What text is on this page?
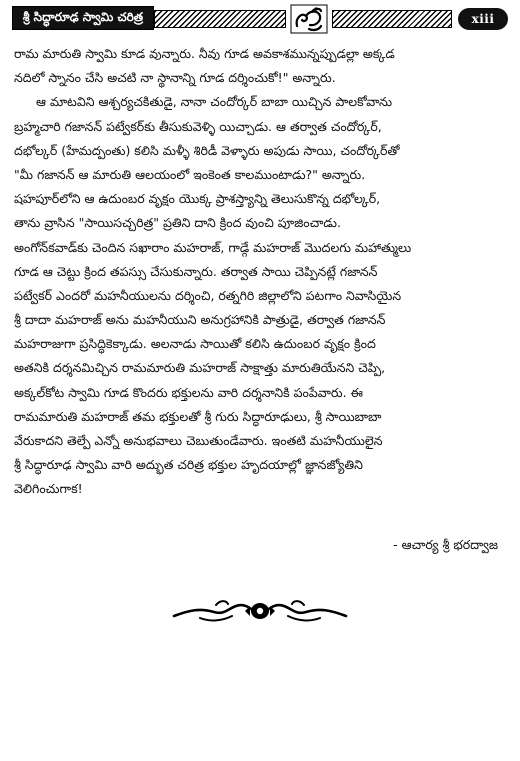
శ్రీ సిద్ధారూఢ స్వామి చరిత్ర	xiii
రామ మారుతి స్వామి కూడ వున్నారు. నీవు గూడ అవకాశమున్నప్పుడల్లా అక్కడ
నదిలో స్నానం చేసి అచటి నా స్థానాన్ని గూడ దర్శించుకో!" అన్నారు.
ఆ మాటవిని ఆశ్చర్యచకితుడై, నానా చందోర్కర్ బాబా యిచ్చిన పాలకోవాను
బ్రహ్మచారి గజానన్ పట్వేకర్‌కు తీసుకువెళ్ళి యిచ్చాడు. ఆ తర్వాత చందోర్కర్,
దభోల్కర్ (హేమద్పంతు) కలిసి మళ్ళీ శిరిడీ వెళ్ళారు అపుడు సాయి, చందోర్కర్‌తో
"మీ గజానన్ ఆ మారుతి ఆలయంలో ఇంకెంత కాలముంటాడు?" అన్నారు.
షహపూర్‌లోని ఆ ఉదుంబర వృక్షం యొక్క ప్రాశస్త్యాన్ని తెలుసుకొన్న దభోల్కర్,
తాను వ్రాసిన "సాయిసచ్చరిత్ర" ప్రతిని దాని క్రింద వుంచి పూజించాడు.
అంగోన్‌కవాడ్‌కు చెందిన సఖారాం మహరాజ్, గాడ్గే మహరాజ్ మొదలగు మహాత్ములు
గూడ ఆ చెట్టు క్రింద తపస్సు చేసుకున్నారు. తర్వాత సాయి చెప్పినట్లే గజానన్
పట్వేకర్ ఎందరో మహనీయులను దర్శించి, రత్నగిరి జిల్లాలోని పటగాం నివాసియైన
శ్రీ దాదా మహరాజ్ అను మహనీయుని అనుగ్రహానికి పాత్రుడై, తర్వాత గజానన్
మహరాజుగా ప్రసిద్ధికెక్కాడు. అలనాడు సాయితో కలిసి ఉదుంబర వృక్షం క్రింద
అతనికి దర్శనమిచ్చిన రామమారుతి మహరాజ్ సాక్షాత్తు మారుతియేనని చెప్పి,
అక్కల్‌కోట స్వామి గూడ కొందరు భక్తులను వారి దర్శనానికి పంపేవారు. ఈ
రామమారుతి మహరాజ్ తమ భక్తులతో శ్రీ గురు సిద్ధారూఢులు, శ్రీ సాయిబాబా
వేరుకాదని తెల్పే ఎన్నో అనుభవాలు చెబుతుండేవారు. ఇంతటి మహనీయులైన
శ్రీ సిద్ధారూఢ స్వామి వారి అద్భుత చరిత్ర భక్తుల హృదయాల్లో జ్ఞానజ్యోతిని
వెలిగించుగాక!
- ఆచార్య శ్రీ భరద్వాజ
